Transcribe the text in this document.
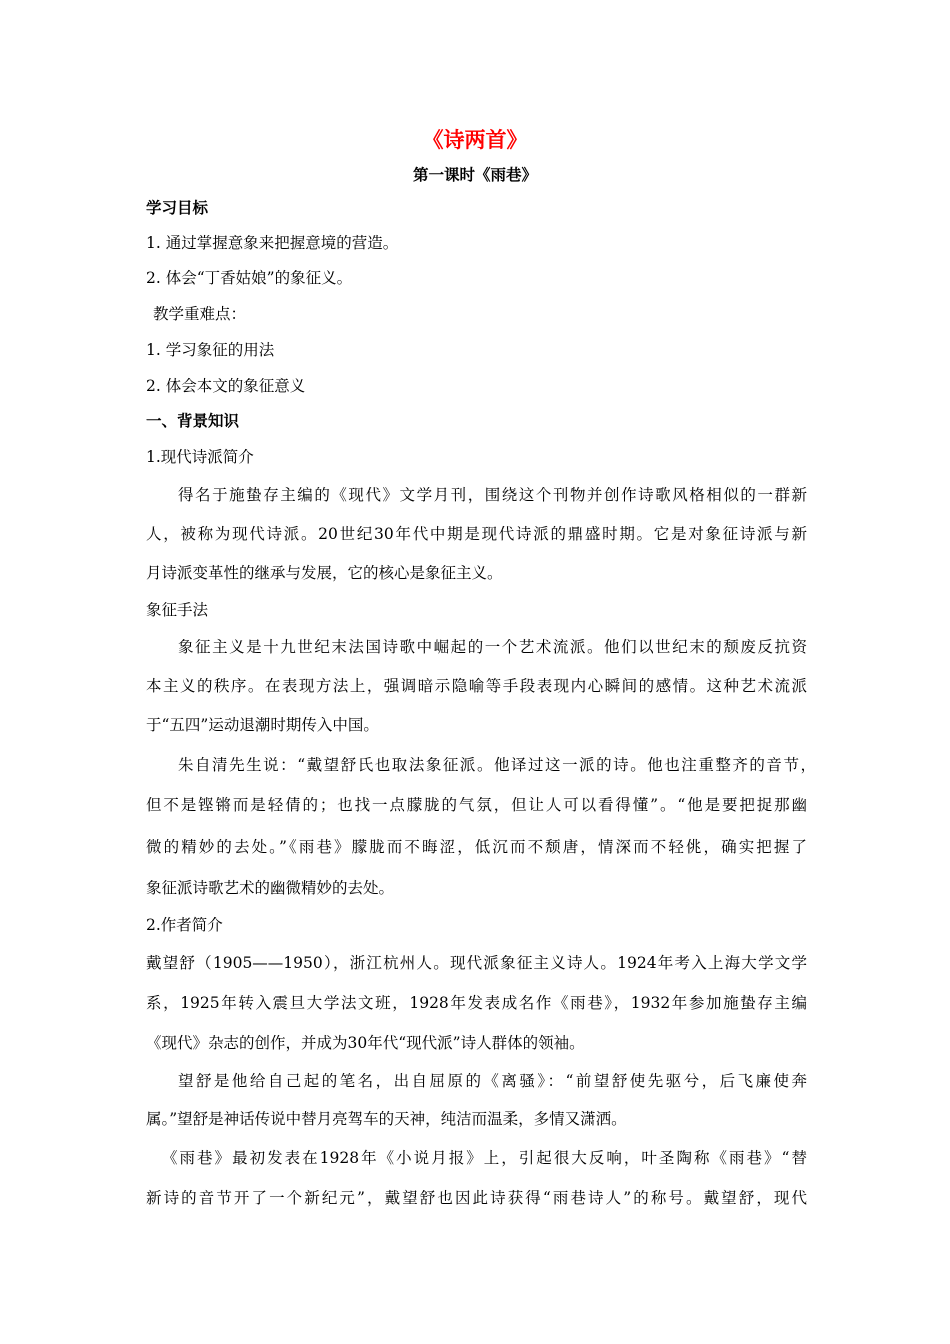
《诗两首》
第一课时《雨巷》
学习目标
1. 通过掌握意象来把握意境的营造。
2. 体会“丁香姑娘”的象征义。
教学重难点：
1. 学习象征的用法
2. 体会本文的象征意义
一、背景知识
1.现代诗派简介
得名于施蛰存主编的《现代》文学月刊，围绕这个刊物并创作诗歌风格相似的一群新
人，被称为现代诗派。20世纪30年代中期是现代诗派的鼎盛时期。它是对象征诗派与新
月诗派变革性的继承与发展，它的核心是象征主义。
象征手法
象征主义是十九世纪末法国诗歌中崛起的一个艺术流派。他们以世纪末的颓废反抗资
本主义的秩序。在表现方法上，强调暗示隐喻等手段表现内心瞬间的感情。这种艺术流派
于“五四”运动退潮时期传入中国。
朱自清先生说：“戴望舒氏也取法象征派。他译过这一派的诗。他也注重整齐的音节，
但不是铿锵而是轻倩的；也找一点朦胧的气氛，但让人可以看得懂”。“他是要把捉那幽
微的精妙的去处。”《雨巷》朦胧而不晦涩，低沉而不颓唐，情深而不轻佻，确实把握了
象征派诗歌艺术的幽微精妙的去处。
2.作者简介
戴望舒（1905——1950），浙江杭州人。现代派象征主义诗人。1924年考入上海大学文学
系，1925年转入震旦大学法文班，1928年发表成名作《雨巷》，1932年参加施蛰存主编
《现代》杂志的创作，并成为30年代“现代派”诗人群体的领袖。
望舒是他给自己起的笔名，出自屈原的《离骚》：“前望舒使先驱兮，后飞廉使奔
属。”望舒是神话传说中替月亮驾车的天神，纯洁而温柔，多情又潇洒。
《雨巷》最初发表在1928年《小说月报》上，引起很大反响，叶圣陶称《雨巷》“替
新诗的音节开了一个新纪元”，戴望舒也因此诗获得“雨巷诗人”的称号。戴望舒，现代
